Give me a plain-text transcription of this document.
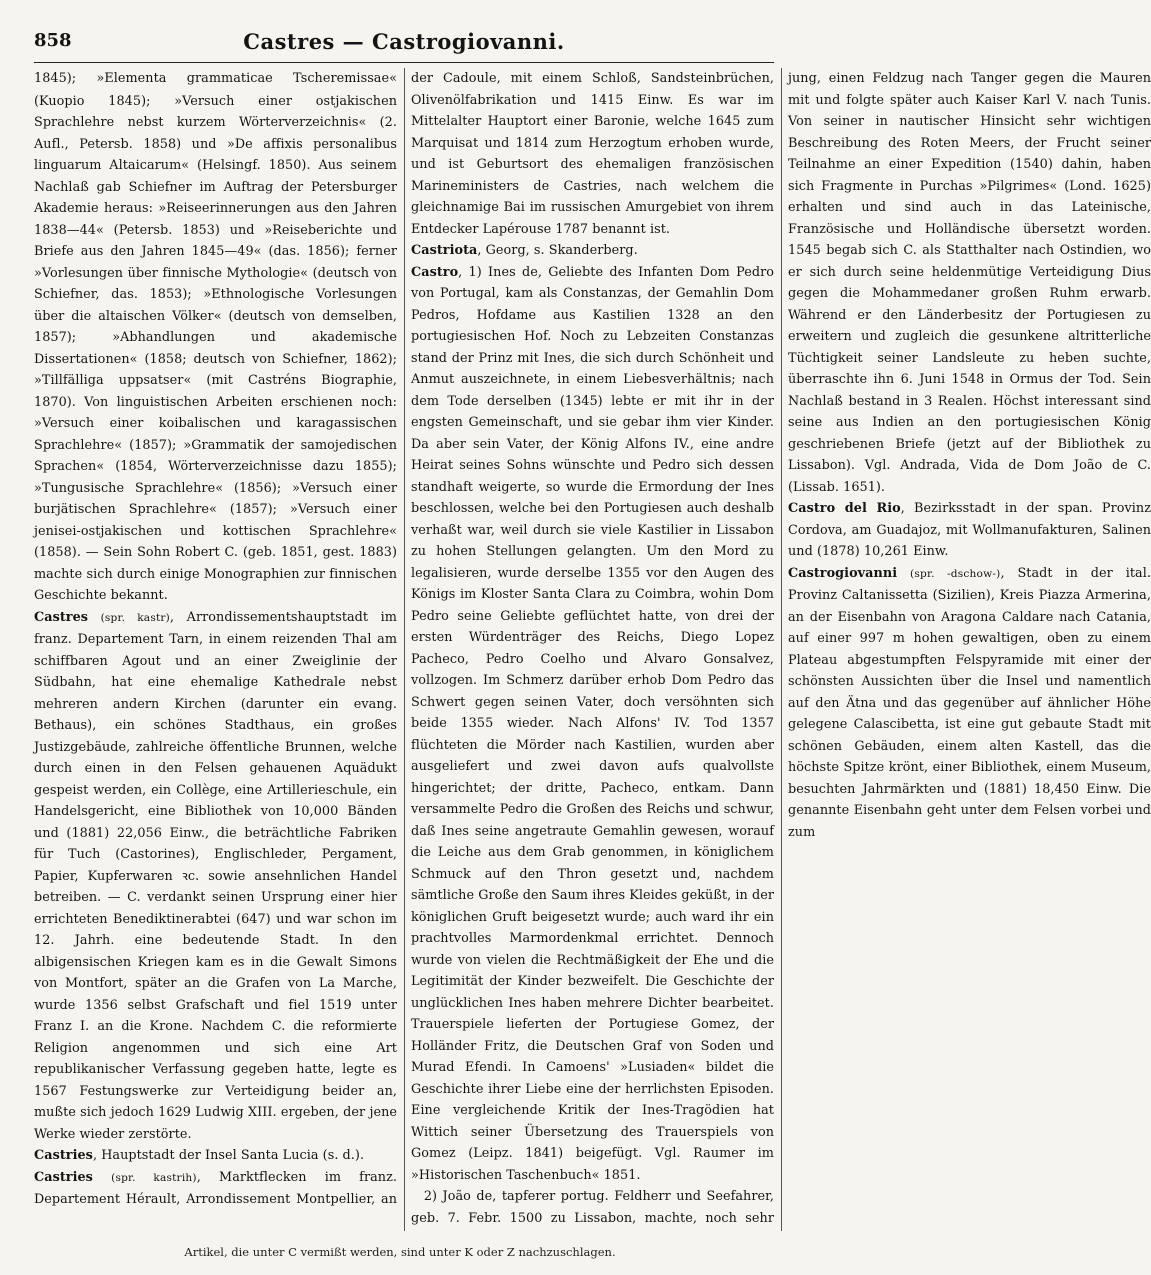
858	Castres — Castrogiovanni.

1845); »Elementa grammaticae Tscheremissae« (Kuopio 1845); »Versuch einer ostjakischen Sprachlehre nebst kurzem Wörterverzeichnis« (2. Aufl., Petersb. 1858) und »De affixis personalibus linguarum Altaicarum« (Helsingf. 1850). Aus seinem Nachlaß gab Schiefner im Auftrag der Petersburger Akademie heraus: »Reiseerinnerungen aus den Jahren 1838—44« (Petersb. 1853) und »Reiseberichte und Briefe aus den Jahren 1845—49« (das. 1856); ferner »Vorlesungen über finnische Mythologie« (deutsch von Schiefner, das. 1853); »Ethnologische Vorlesungen über die altaischen Völker« (deutsch von demselben, 1857); »Abhandlungen und akademische Dissertationen« (1858; deutsch von Schiefner, 1862); »Tillfälliga uppsatser« (mit Castréns Biographie, 1870). Von linguistischen Arbeiten erschienen noch: »Versuch einer koibalischen und karagassischen Sprachlehre« (1857); »Grammatik der samojedischen Sprachen« (1854, Wörterverzeichnisse dazu 1855); »Tungusische Sprachlehre« (1856); »Versuch einer burjätischen Sprachlehre« (1857); »Versuch einer jenisei-ostjakischen und kottischen Sprachlehre« (1858). — Sein Sohn Robert C. (geb. 1851, gest. 1883) machte sich durch einige Monographien zur finnischen Geschichte bekannt.

Castres (spr. kastr), Arrondissementshauptstadt im franz. Departement Tarn, in einem reizenden Thal am schiffbaren Agout und an einer Zweiglinie der Südbahn, hat eine ehemalige Kathedrale nebst mehreren andern Kirchen (darunter ein evang. Bethaus), ein schönes Stadthaus, ein großes Justizgebäude, zahlreiche öffentliche Brunnen, welche durch einen in den Felsen gehauenen Aquädukt gespeist werden, ein Collège, eine Artillerieschule, ein Handelsgericht, eine Bibliothek von 10,000 Bänden und (1881) 22,056 Einw., die beträchtliche Fabriken für Tuch (Castorines), Englischleder, Pergament, Papier, Kupferwaren ꝛc. sowie ansehnlichen Handel betreiben. — C. verdankt seinen Ursprung einer hier errichteten Benediktinerabtei (647) und war schon im 12. Jahrh. eine bedeutende Stadt. In den albigensischen Kriegen kam es in die Gewalt Simons von Montfort, später an die Grafen von La Marche, wurde 1356 selbst Grafschaft und fiel 1519 unter Franz I. an die Krone. Nachdem C. die reformierte Religion angenommen und sich eine Art republikanischer Verfassung gegeben hatte, legte es 1567 Festungswerke zur Verteidigung beider an, mußte sich jedoch 1629 Ludwig XIII. ergeben, der jene Werke wieder zerstörte.

Castries, Hauptstadt der Insel Santa Lucia (s. d.).

Castries (spr. kastrih), Marktflecken im franz. Departement Hérault, Arrondissement Montpellier, an der Cadoule, mit einem Schloß, Sandsteinbrüchen, Olivenölfabrikation und 1415 Einw. Es war im Mittelalter Hauptort einer Baronie, welche 1645 zum Marquisat und 1814 zum Herzogtum erhoben wurde, und ist Geburtsort des ehemaligen französischen Marineministers de Castries, nach welchem die gleichnamige Bai im russischen Amurgebiet von ihrem Entdecker Lapérouse 1787 benannt ist.

Castriota, Georg, s. Skanderberg.

Castro, 1) Ines de, Geliebte des Infanten Dom Pedro von Portugal, kam als Constanzas, der Gemahlin Dom Pedros, Hofdame aus Kastilien 1328 an den portugiesischen Hof. Noch zu Lebzeiten Constanzas stand der Prinz mit Ines, die sich durch Schönheit und Anmut auszeichnete, in einem Liebesverhältnis; nach dem Tode derselben (1345) lebte er mit ihr in der engsten Gemeinschaft, und sie gebar ihm vier Kinder. Da aber sein Vater, der König Alfons IV., eine andre Heirat seines Sohns wünschte und Pedro sich dessen standhaft weigerte, so wurde die Ermordung der Ines beschlossen, welche bei den Portugiesen auch deshalb verhaßt war, weil durch sie viele Kastilier in Lissabon zu hohen Stellungen gelangten. Um den Mord zu legalisieren, wurde derselbe 1355 vor den Augen des Königs im Kloster Santa Clara zu Coimbra, wohin Dom Pedro seine Geliebte geflüchtet hatte, von drei der ersten Würdenträger des Reichs, Diego Lopez Pacheco, Pedro Coelho und Alvaro Gonsalvez, vollzogen. Im Schmerz darüber erhob Dom Pedro das Schwert gegen seinen Vater, doch versöhnten sich beide 1355 wieder. Nach Alfons' IV. Tod 1357 flüchteten die Mörder nach Kastilien, wurden aber ausgeliefert und zwei davon aufs qualvollste hingerichtet; der dritte, Pacheco, entkam. Dann versammelte Pedro die Großen des Reichs und schwur, daß Ines seine angetraute Gemahlin gewesen, worauf die Leiche aus dem Grab genommen, in königlichem Schmuck auf den Thron gesetzt und, nachdem sämtliche Große den Saum ihres Kleides geküßt, in der königlichen Gruft beigesetzt wurde; auch ward ihr ein prachtvolles Marmordenkmal errichtet. Dennoch wurde von vielen die Rechtmäßigkeit der Ehe und die Legitimität der Kinder bezweifelt. Die Geschichte der unglücklichen Ines haben mehrere Dichter bearbeitet. Trauerspiele lieferten der Portugiese Gomez, der Holländer Fritz, die Deutschen Graf von Soden und Murad Efendi. In Camoens' »Lusiaden« bildet die Geschichte ihrer Liebe eine der herrlichsten Episoden. Eine vergleichende Kritik der Ines-Tragödien hat Wittich seiner Übersetzung des Trauerspiels von Gomez (Leipz. 1841) beigefügt. Vgl. Raumer im »Historischen Taschenbuch« 1851.

 2) João de, tapferer portug. Feldherr und Seefahrer, geb. 7. Febr. 1500 zu Lissabon, machte, noch sehr jung, einen Feldzug nach Tanger gegen die Mauren mit und folgte später auch Kaiser Karl V. nach Tunis. Von seiner in nautischer Hinsicht sehr wichtigen Beschreibung des Roten Meers, der Frucht seiner Teilnahme an einer Expedition (1540) dahin, haben sich Fragmente in Purchas »Pilgrimes« (Lond. 1625) erhalten und sind auch in das Lateinische, Französische und Holländische übersetzt worden. 1545 begab sich C. als Statthalter nach Ostindien, wo er sich durch seine heldenmütige Verteidigung Dius gegen die Mohammedaner großen Ruhm erwarb. Während er den Länderbesitz der Portugiesen zu erweitern und zugleich die gesunkene altritterliche Tüchtigkeit seiner Landsleute zu heben suchte, überraschte ihn 6. Juni 1548 in Ormus der Tod. Sein Nachlaß bestand in 3 Realen. Höchst interessant sind seine aus Indien an den portugiesischen König geschriebenen Briefe (jetzt auf der Bibliothek zu Lissabon). Vgl. Andrada, Vida de Dom João de C. (Lissab. 1651).

Castro del Rio, Bezirksstadt in der span. Provinz Cordova, am Guadajoz, mit Wollmanufakturen, Salinen und (1878) 10,261 Einw.

Castrogiovanni (spr. -dschow-), Stadt in der ital. Provinz Caltanissetta (Sizilien), Kreis Piazza Armerina, an der Eisenbahn von Aragona Caldare nach Catania, auf einer 997 m hohen gewaltigen, oben zu einem Plateau abgestumpften Felspyramide mit einer der schönsten Aussichten über die Insel und namentlich auf den Ätna und das gegenüber auf ähnlicher Höhe gelegene Calascibetta, ist eine gut gebaute Stadt mit schönen Gebäuden, einem alten Kastell, das die höchste Spitze krönt, einer Bibliothek, einem Museum, besuchten Jahrmärkten und (1881) 18,450 Einw. Die genannte Eisenbahn geht unter dem Felsen vorbei und zum

Artikel, die unter C vermißt werden, sind unter K oder Z nachzuschlagen.
